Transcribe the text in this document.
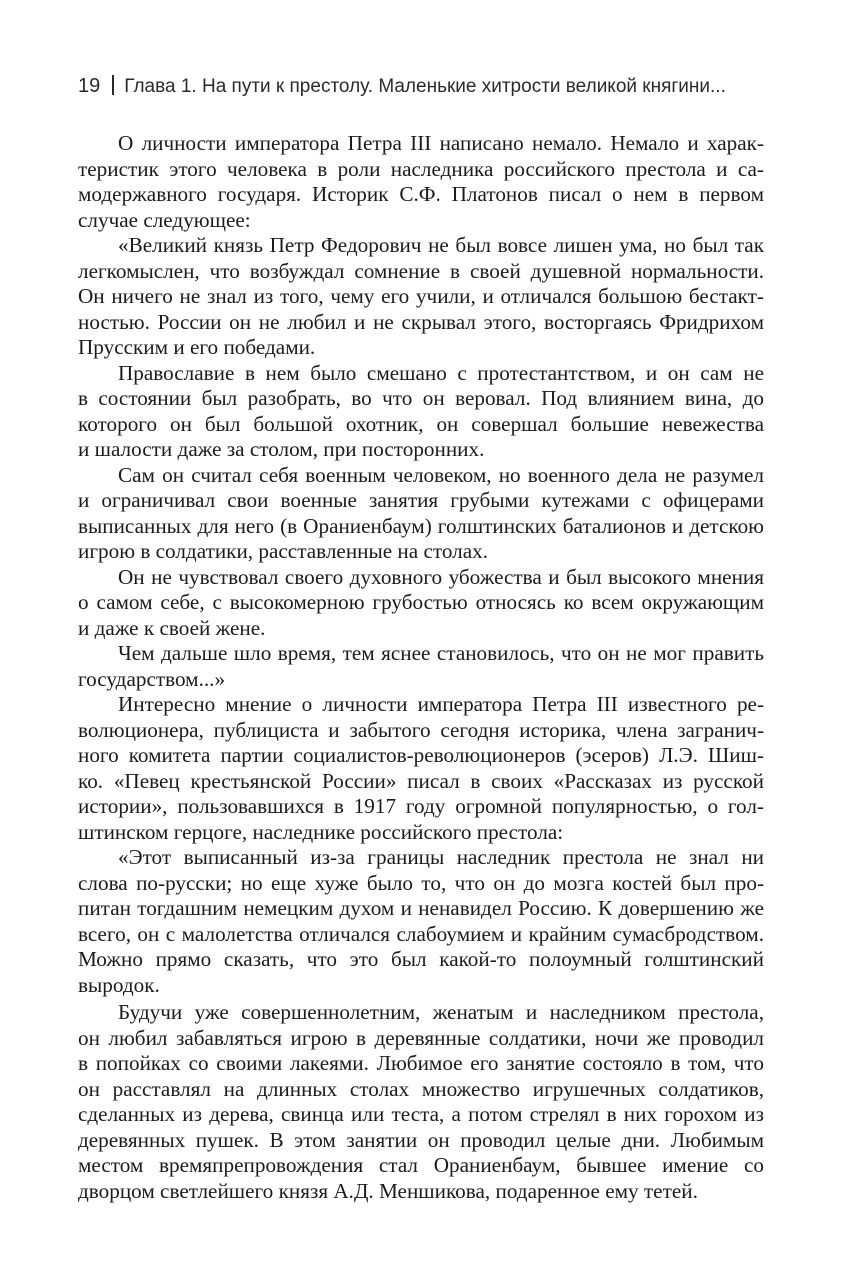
19 Глава 1. На пути к престолу. Маленькие хитрости великой княгини...
О личности императора Петра III написано немало. Немало и харак-
теристик этого человека в роли наследника российского престола и са-
модержавного государя. Историк С.Ф. Платонов писал о нем в первом
случае следующее:
«Великий князь Петр Федорович не был вовсе лишен ума, но был так
легкомыслен, что возбуждал сомнение в своей душевной нормальности.
Он ничего не знал из того, чему его учили, и отличался большою бестакт-
ностью. России он не любил и не скрывал этого, восторгаясь Фридрихом
Прусским и его победами.
Православие в нем было смешано с протестантством, и он сам не
в состоянии был разобрать, во что он веровал. Под влиянием вина, до
которого он был большой охотник, он совершал большие невежества
и шалости даже за столом, при посторонних.
Сам он считал себя военным человеком, но военного дела не разумел
и ограничивал свои военные занятия грубыми кутежами с офицерами
выписанных для него (в Ораниенбаум) голштинских баталионов и детскою
игрою в солдатики, расставленные на столах.
Он не чувствовал своего духовного убожества и был высокого мнения
о самом себе, с высокомерною грубостью относясь ко всем окружающим
и даже к своей жене.
Чем дальше шло время, тем яснее становилось, что он не мог править
государством...»
Интересно мнение о личности императора Петра III известного ре-
волюционера, публициста и забытого сегодня историка, члена загранич-
ного комитета партии социалистов-революционеров (эсеров) Л.Э. Шиш-
ко. «Певец крестьянской России» писал в своих «Рассказах из русской
истории», пользовавшихся в 1917 году огромной популярностью, о гол-
штинском герцоге, наследнике российского престола:
«Этот выписанный из-за границы наследник престола не знал ни
слова по-русски; но еще хуже было то, что он до мозга костей был про-
питан тогдашним немецким духом и ненавидел Россию. К довершению же
всего, он с малолетства отличался слабоумием и крайним сумасбродством.
Можно прямо сказать, что это был какой-то полоумный голштинский
выродок.
Будучи уже совершеннолетним, женатым и наследником престола,
он любил забавляться игрою в деревянные солдатики, ночи же проводил
в попойках со своими лакеями. Любимое его занятие состояло в том, что
он расставлял на длинных столах множество игрушечных солдатиков,
сделанных из дерева, свинца или теста, а потом стрелял в них горохом из
деревянных пушек. В этом занятии он проводил целые дни. Любимым
местом времяпрепровождения стал Ораниенбаум, бывшее имение со
дворцом светлейшего князя А.Д. Меншикова, подаренное ему тетей.
